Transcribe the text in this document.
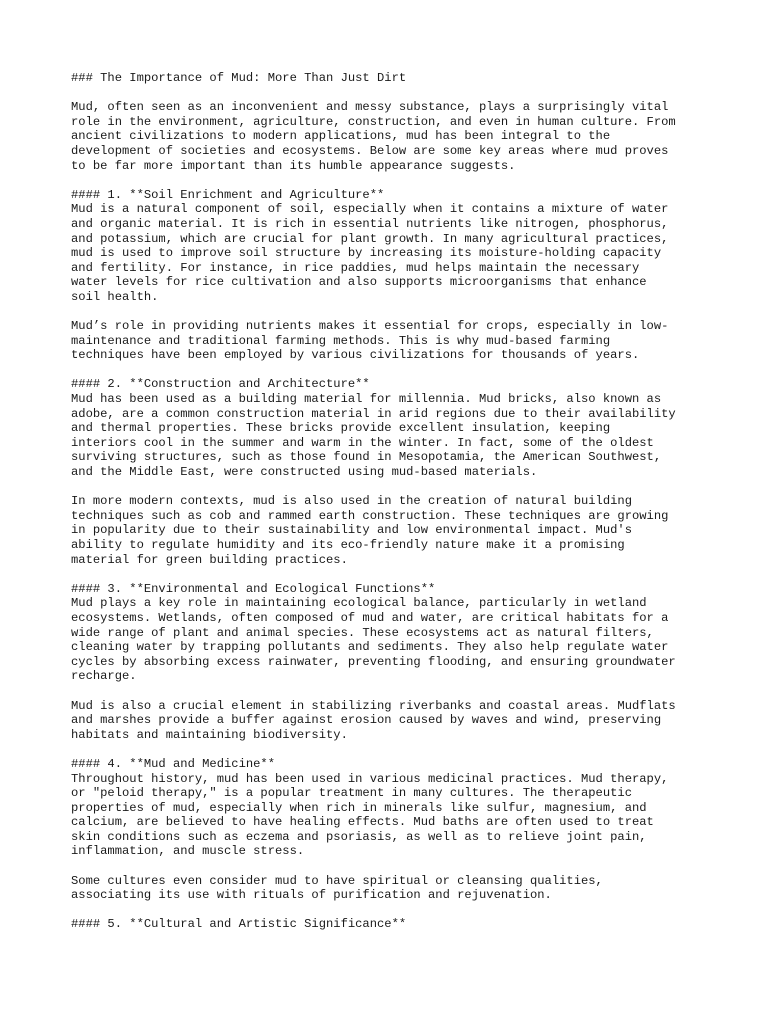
### The Importance of Mud: More Than Just Dirt
Mud, often seen as an inconvenient and messy substance, plays a surprisingly vital
role in the environment, agriculture, construction, and even in human culture. From
ancient civilizations to modern applications, mud has been integral to the
development of societies and ecosystems. Below are some key areas where mud proves
to be far more important than its humble appearance suggests.
#### 1. **Soil Enrichment and Agriculture**
Mud is a natural component of soil, especially when it contains a mixture of water
and organic material. It is rich in essential nutrients like nitrogen, phosphorus,
and potassium, which are crucial for plant growth. In many agricultural practices,
mud is used to improve soil structure by increasing its moisture-holding capacity
and fertility. For instance, in rice paddies, mud helps maintain the necessary
water levels for rice cultivation and also supports microorganisms that enhance
soil health.
Mud’s role in providing nutrients makes it essential for crops, especially in low-
maintenance and traditional farming methods. This is why mud-based farming
techniques have been employed by various civilizations for thousands of years.
#### 2. **Construction and Architecture**
Mud has been used as a building material for millennia. Mud bricks, also known as
adobe, are a common construction material in arid regions due to their availability
and thermal properties. These bricks provide excellent insulation, keeping
interiors cool in the summer and warm in the winter. In fact, some of the oldest
surviving structures, such as those found in Mesopotamia, the American Southwest,
and the Middle East, were constructed using mud-based materials.
In more modern contexts, mud is also used in the creation of natural building
techniques such as cob and rammed earth construction. These techniques are growing
in popularity due to their sustainability and low environmental impact. Mud's
ability to regulate humidity and its eco-friendly nature make it a promising
material for green building practices.
#### 3. **Environmental and Ecological Functions**
Mud plays a key role in maintaining ecological balance, particularly in wetland
ecosystems. Wetlands, often composed of mud and water, are critical habitats for a
wide range of plant and animal species. These ecosystems act as natural filters,
cleaning water by trapping pollutants and sediments. They also help regulate water
cycles by absorbing excess rainwater, preventing flooding, and ensuring groundwater
recharge.
Mud is also a crucial element in stabilizing riverbanks and coastal areas. Mudflats
and marshes provide a buffer against erosion caused by waves and wind, preserving
habitats and maintaining biodiversity.
#### 4. **Mud and Medicine**
Throughout history, mud has been used in various medicinal practices. Mud therapy,
or "peloid therapy," is a popular treatment in many cultures. The therapeutic
properties of mud, especially when rich in minerals like sulfur, magnesium, and
calcium, are believed to have healing effects. Mud baths are often used to treat
skin conditions such as eczema and psoriasis, as well as to relieve joint pain,
inflammation, and muscle stress.
Some cultures even consider mud to have spiritual or cleansing qualities,
associating its use with rituals of purification and rejuvenation.
#### 5. **Cultural and Artistic Significance**
